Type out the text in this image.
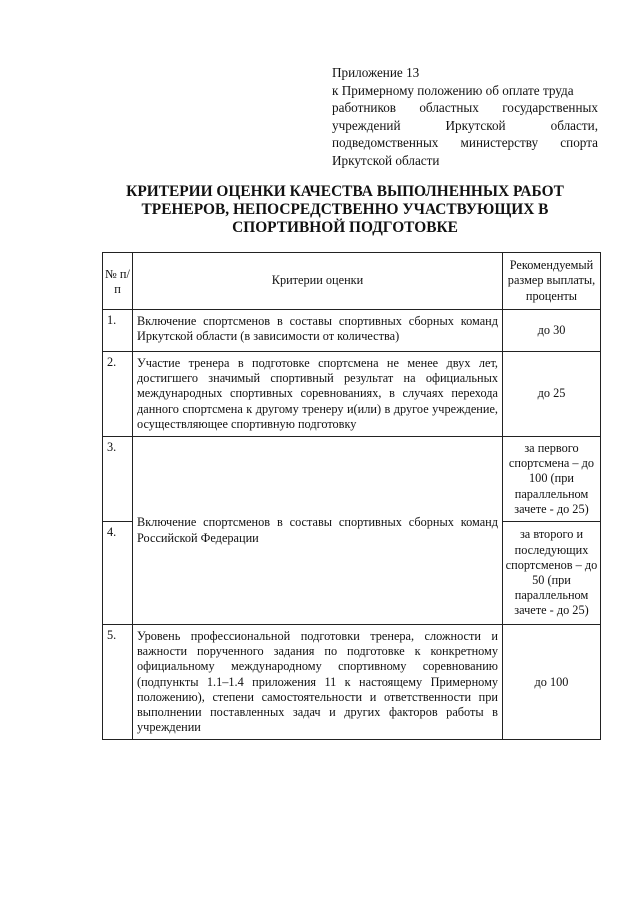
Приложение 13
к Примерному положению об оплате труда
работников областных государственных
учреждений Иркутской области,
подведомственных министерству спорта
Иркутской области
КРИТЕРИИ ОЦЕНКИ КАЧЕСТВА ВЫПОЛНЕННЫХ РАБОТ
ТРЕНЕРОВ, НЕПОСРЕДСТВЕННО УЧАСТВУЮЩИХ В
СПОРТИВНОЙ ПОДГОТОВКЕ
№ п/п	Критерии оценки	Рекомендуемый размер выплаты, проценты
1.	Включение спортсменов в составы спортивных сборных команд Иркутской области (в зависимости от количества)	до 30
2.	Участие тренера в подготовке спортсмена не менее двух лет, достигшего значимый спортивный результат на официальных международных спортивных соревнованиях, в случаях перехода данного спортсмена к другому тренеру и(или) в другое учреждение, осуществляющее спортивную подготовку	до 25
3.	Включение спортсменов в составы спортивных сборных команд Российской Федерации	за первого спортсмена – до 100 (при параллельном зачете - до 25)
4.		за второго и последующих спортсменов – до 50 (при параллельном зачете - до 25)
5.	Уровень профессиональной подготовки тренера, сложности и важности порученного задания по подготовке к конкретному официальному международному спортивному соревнованию (подпункты 1.1–1.4 приложения 11 к настоящему Примерному положению), степени самостоятельности и ответственности при выполнении поставленных задач и других факторов работы в учреждении	до 100
